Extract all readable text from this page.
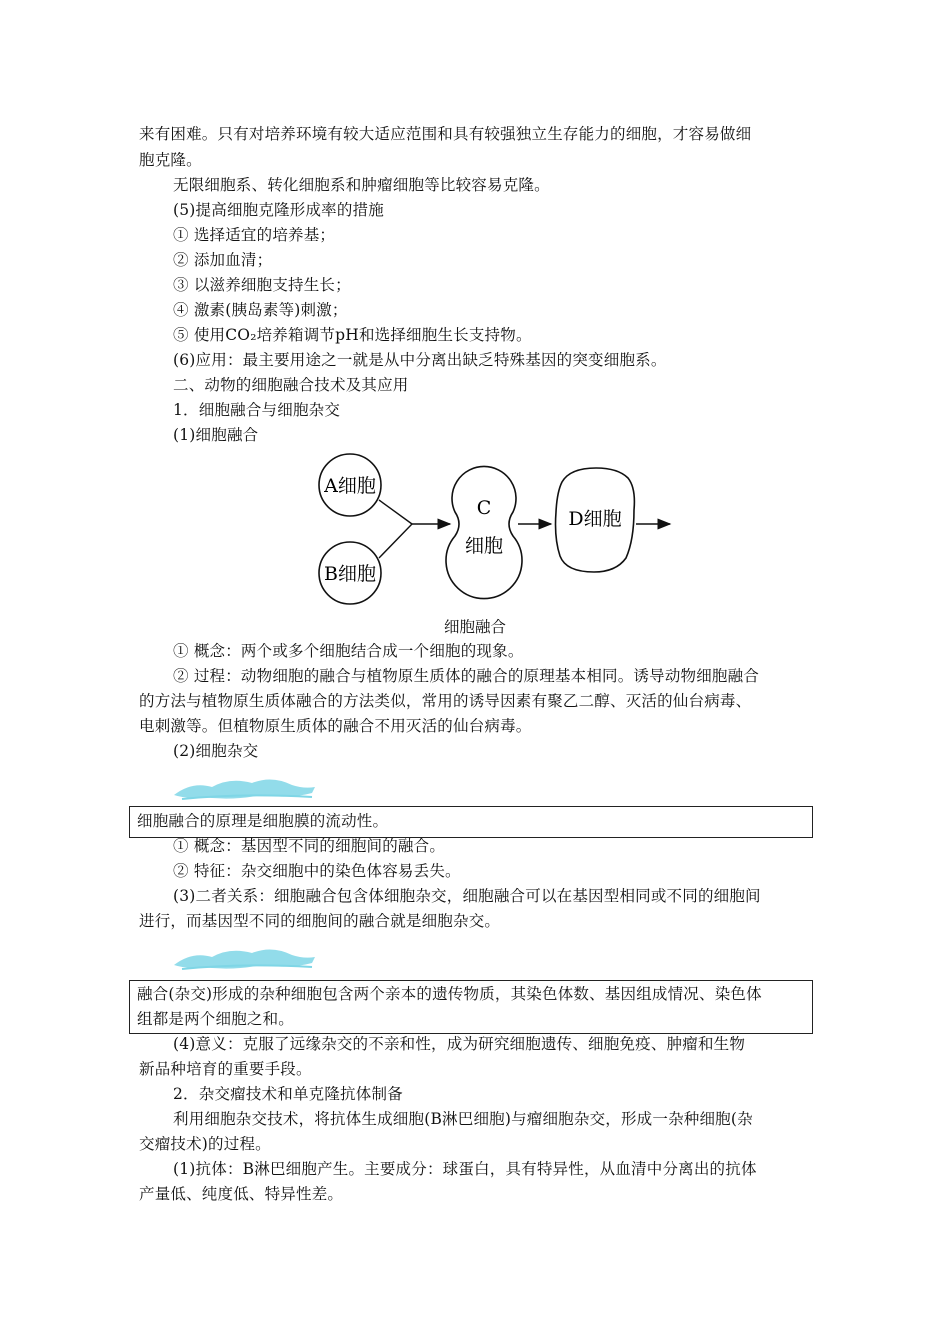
来有困难。只有对培养环境有较大适应范围和具有较强独立生存能力的细胞，才容易做细
胞克隆。
无限细胞系、转化细胞系和肿瘤细胞等比较容易克隆。
(5)提高细胞克隆形成率的措施
① 选择适宜的培养基；
② 添加血清；
③ 以滋养细胞支持生长；
④ 激素(胰岛素等)刺激；
⑤ 使用CO₂培养箱调节pH和选择细胞生长支持物。
(6)应用：最主要用途之一就是从中分离出缺乏特殊基因的突变细胞系。
二、动物的细胞融合技术及其应用
1．细胞融合与细胞杂交
(1)细胞融合
A细胞
B细胞
C
细胞
D细胞
细胞融合
① 概念：两个或多个细胞结合成一个细胞的现象。
② 过程：动物细胞的融合与植物原生质体的融合的原理基本相同。诱导动物细胞融合
的方法与植物原生质体融合的方法类似，常用的诱导因素有聚乙二醇、灭活的仙台病毒、
电刺激等。但植物原生质体的融合不用灭活的仙台病毒。
(2)细胞杂交
细胞融合的原理是细胞膜的流动性。
① 概念：基因型不同的细胞间的融合。
② 特征：杂交细胞中的染色体容易丢失。
(3)二者关系：细胞融合包含体细胞杂交，细胞融合可以在基因型相同或不同的细胞间
进行，而基因型不同的细胞间的融合就是细胞杂交。
融合(杂交)形成的杂种细胞包含两个亲本的遗传物质，其染色体数、基因组成情况、染色体
组都是两个细胞之和。
(4)意义：克服了远缘杂交的不亲和性，成为研究细胞遗传、细胞免疫、肿瘤和生物
新品种培育的重要手段。
2．杂交瘤技术和单克隆抗体制备
利用细胞杂交技术，将抗体生成细胞(B淋巴细胞)与瘤细胞杂交，形成一杂种细胞(杂
交瘤技术)的过程。
(1)抗体：B淋巴细胞产生。主要成分：球蛋白，具有特异性，从血清中分离出的抗体
产量低、纯度低、特异性差。
